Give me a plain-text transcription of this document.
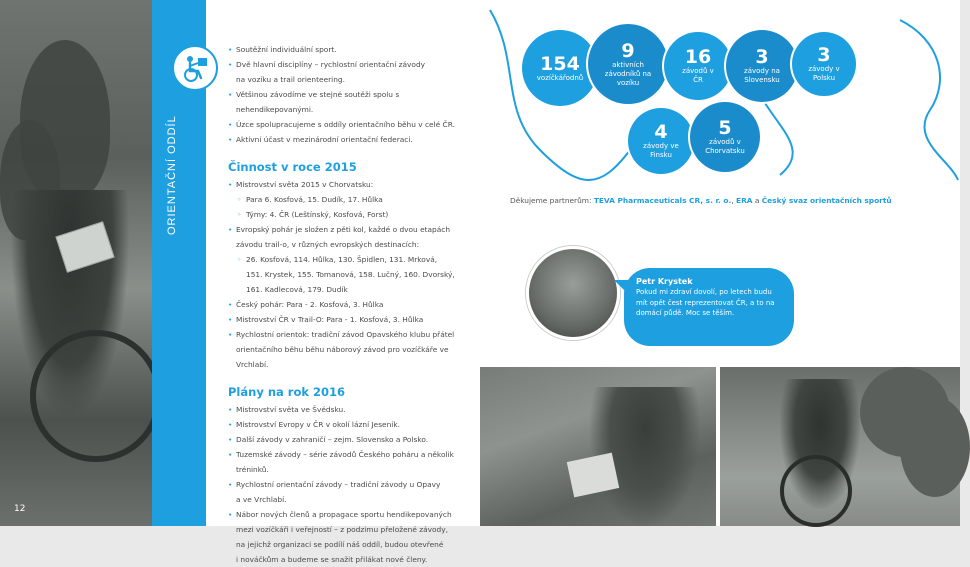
ORIENTAČNÍ ODDÍL
12
• Soutěžní individuální sport.
• Dvě hlavní disciplíny – rychlostní orientační závody
na vozíku a trail orienteering.
• Většinou závodíme ve stejné soutěži spolu s nehendikepovanými.
• Úzce spolupracujeme s oddíly orientačního běhu v celé ČR.
• Aktivní účast v mezinárodní orientační federaci.
Činnost v roce 2015
• Mistrovství světa 2015 v Chorvatsku:
◦ Para 6. Kosfová, 15. Dudík, 17. Hůlka
◦ Týmy: 4. ČR (Leštínský, Kosfová, Forst)
• Evropský pohár je složen z pěti kol, každé o dvou etapách
závodu trail-o, v různých evropských destinacích:
◦ 26. Kosfová, 114. Hůlka, 130. Špidlen, 131. Mrková,
151. Krystek, 155. Tomanová, 158. Lučný, 160. Dvorský,
161. Kadlecová, 179. Dudík
• Český pohár: Para - 2. Kosfová, 3. Hůlka
• Mistrovství ČR v Trail-O: Para - 1. Kosfová, 3. Hůlka
• Rychlostní orientok: tradiční závod Opavského klubu přátel
orientačního běhu běhu náborový závod pro vozíčkáře ve Vrchlabí.
Plány na rok 2016
• Mistrovství světa ve Švédsku.
• Mistrovství Evropy v ČR v okolí lázní Jeseník.
• Další závody v zahraničí – zejm. Slovensko a Polsko.
• Tuzemské závody – série závodů Českého poháru a několik tréninků.
• Rychlostní orientační závody – tradiční závody u Opavy
a ve Vrchlabí.
• Nábor nových členů a propagace sportu hendikepovaných
mezi vozíčkáři i veřejností – z podzimu přeložené závody,
na jejichž organizaci se podílí náš oddíl, budou otevřené
i nováčkům a budeme se snažit přilákat nové členy.
154
vozíčkářodnů
9
aktivních závodníků na vozíku
16
závodů v ČR
3
závody na Slovensku
3
závody v Polsku
4
závody ve Finsku
5
závodů v Chorvatsku
Děkujeme partnerům: TEVA Pharmaceuticals CR, s. r. o., ERA a Český svaz orientačních sportů
Petr Krystek
Pokud mi zdraví dovolí, po letech budu mít opět čest reprezentovat ČR, a to na domácí půdě. Moc se těším.
